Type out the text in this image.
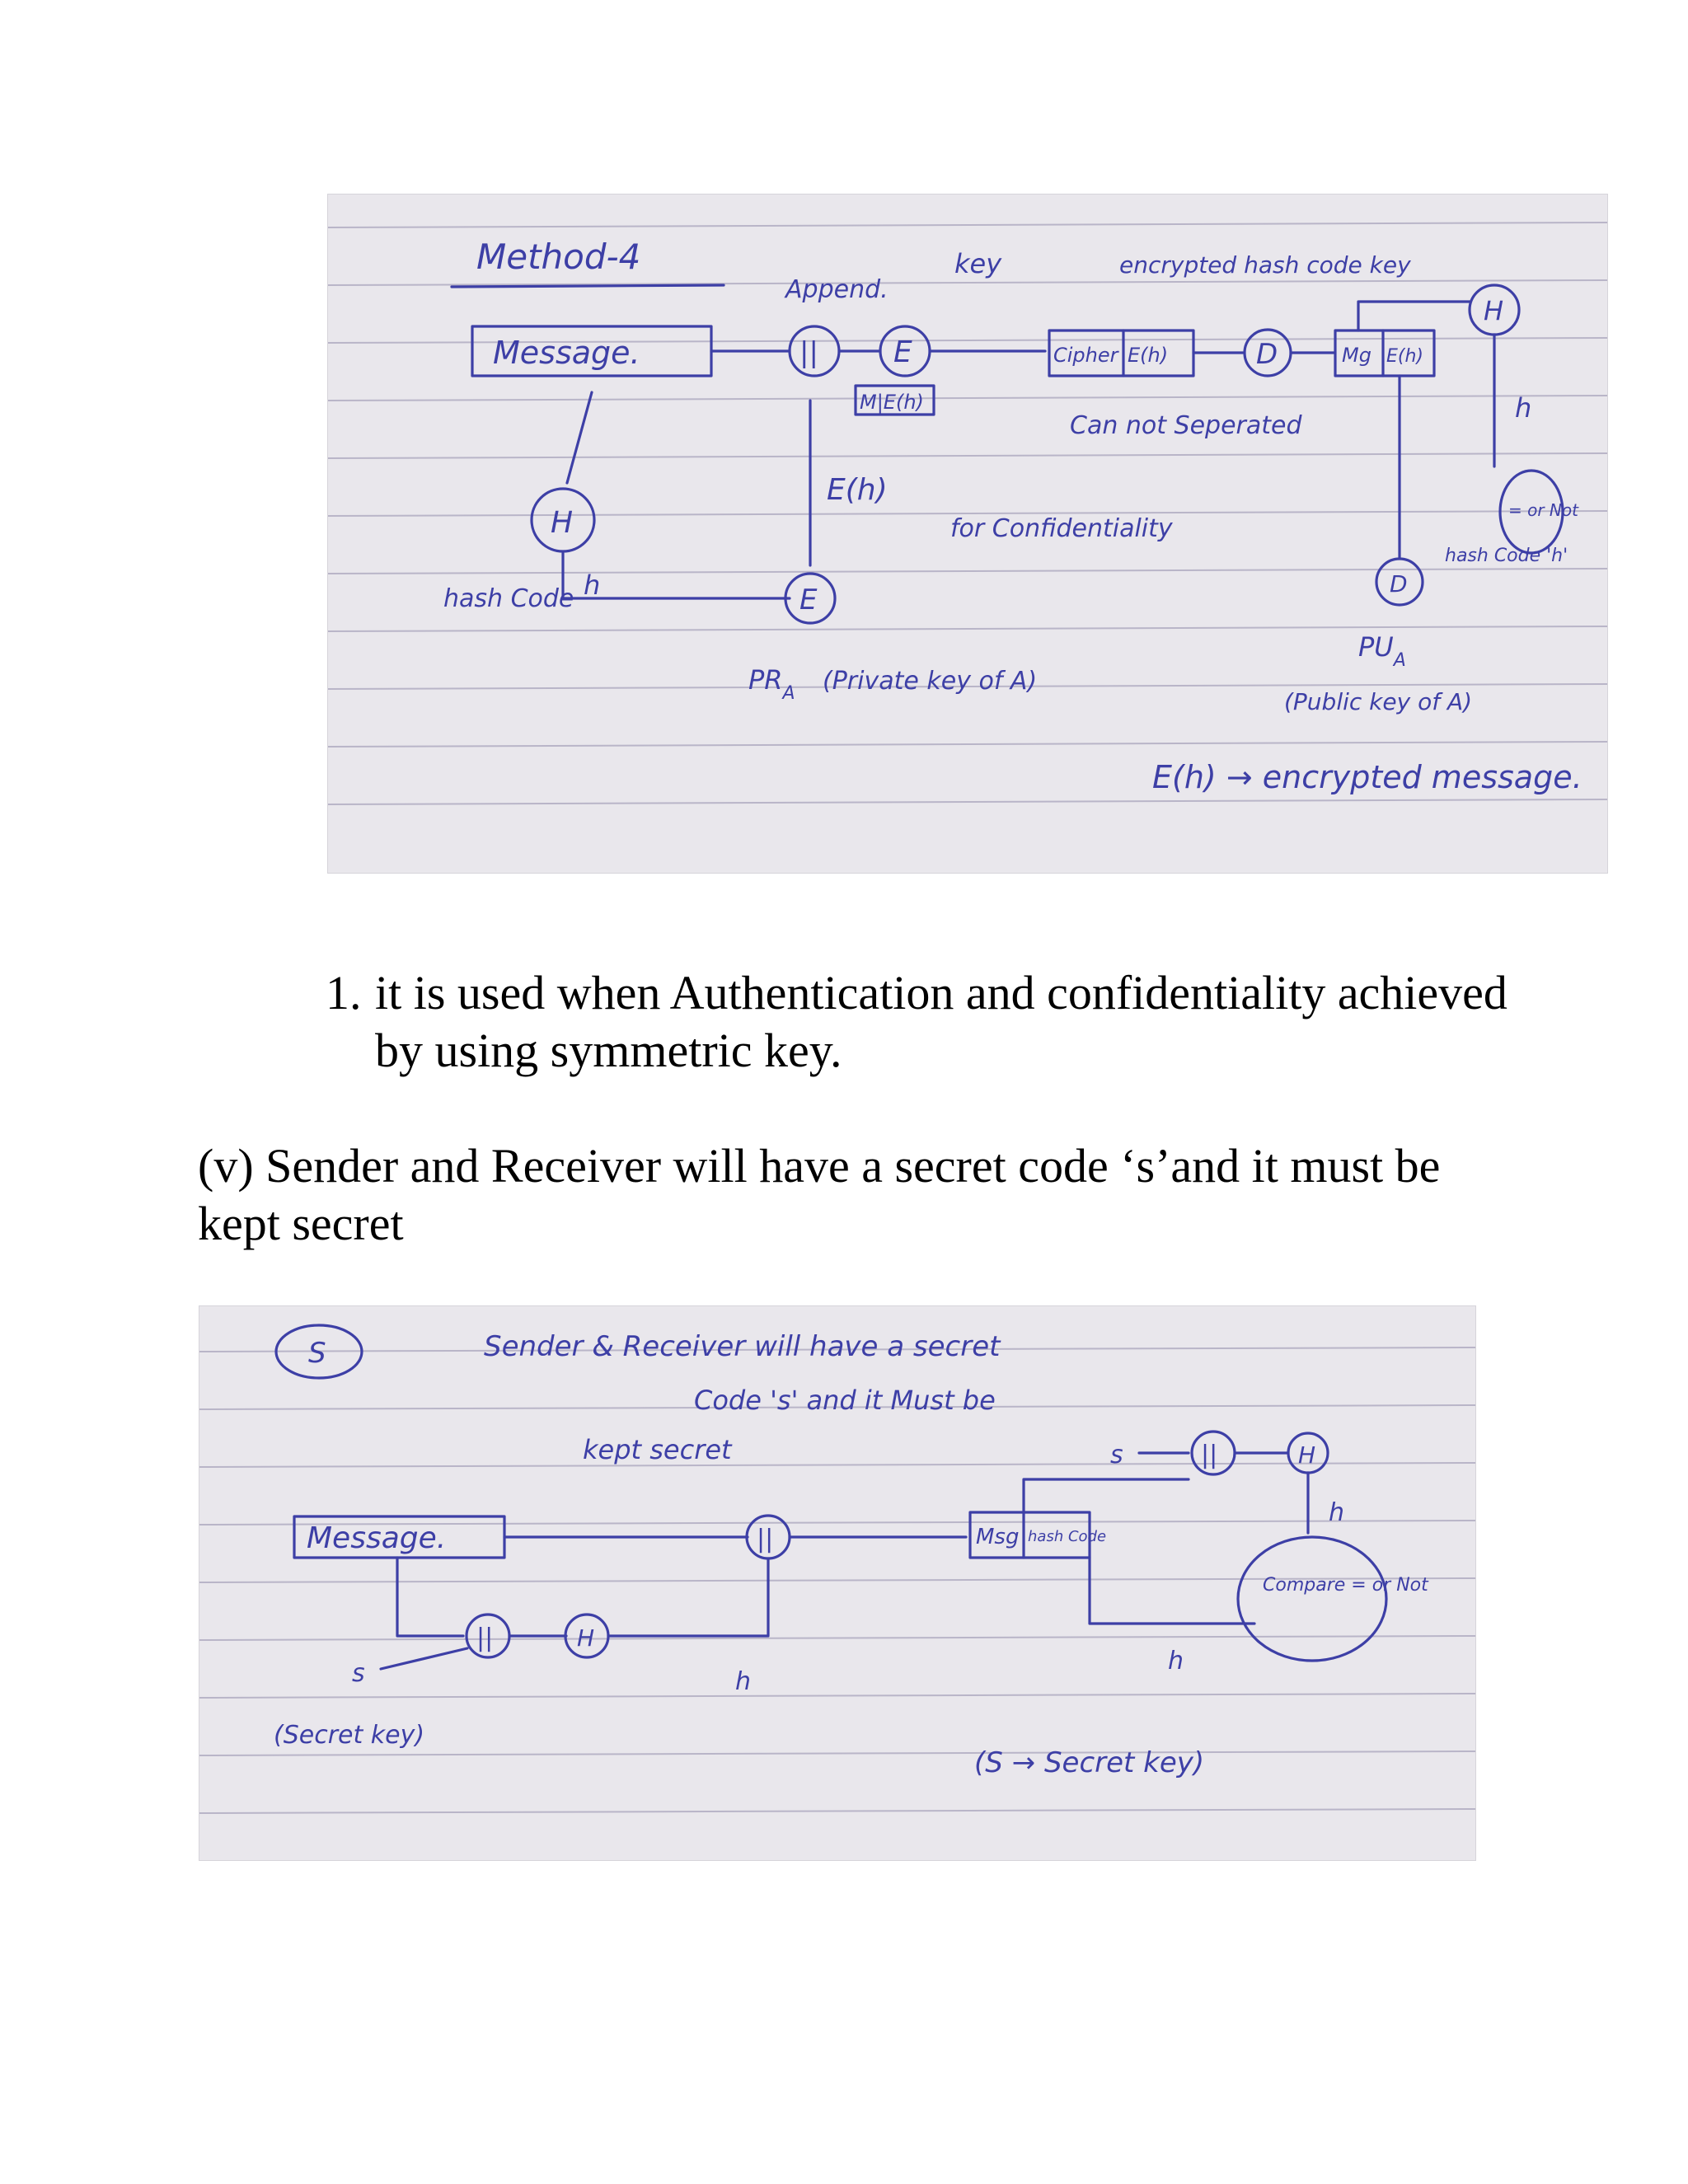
Method-4
Append.
key	encrypted hash code key
Message.	||	E
M|E(h)
Cipher E(h)	D	Mg E(h)
H
h
= or Not
Can not Seperated
E(h)
for Confidentiality
H
h
hash Code	E
$PR_A$ (Private key of A)
D
hash Code 'h'
$PU_A$
(Public key of A)
E(h) → encrypted message.
1. it is used when Authentication and confidentiality achieved by using symmetric key.
(v) Sender and Receiver will have a secret code ‘s’and it must be kept secret
S	Sender & Receiver will have a secret
Code 's' and it Must be
kept secret	s	||	H
h
Compare = or Not
Message.	||	Msg hash Code
h
||	H
h
s
(Secret key)
(S → Secret key)
